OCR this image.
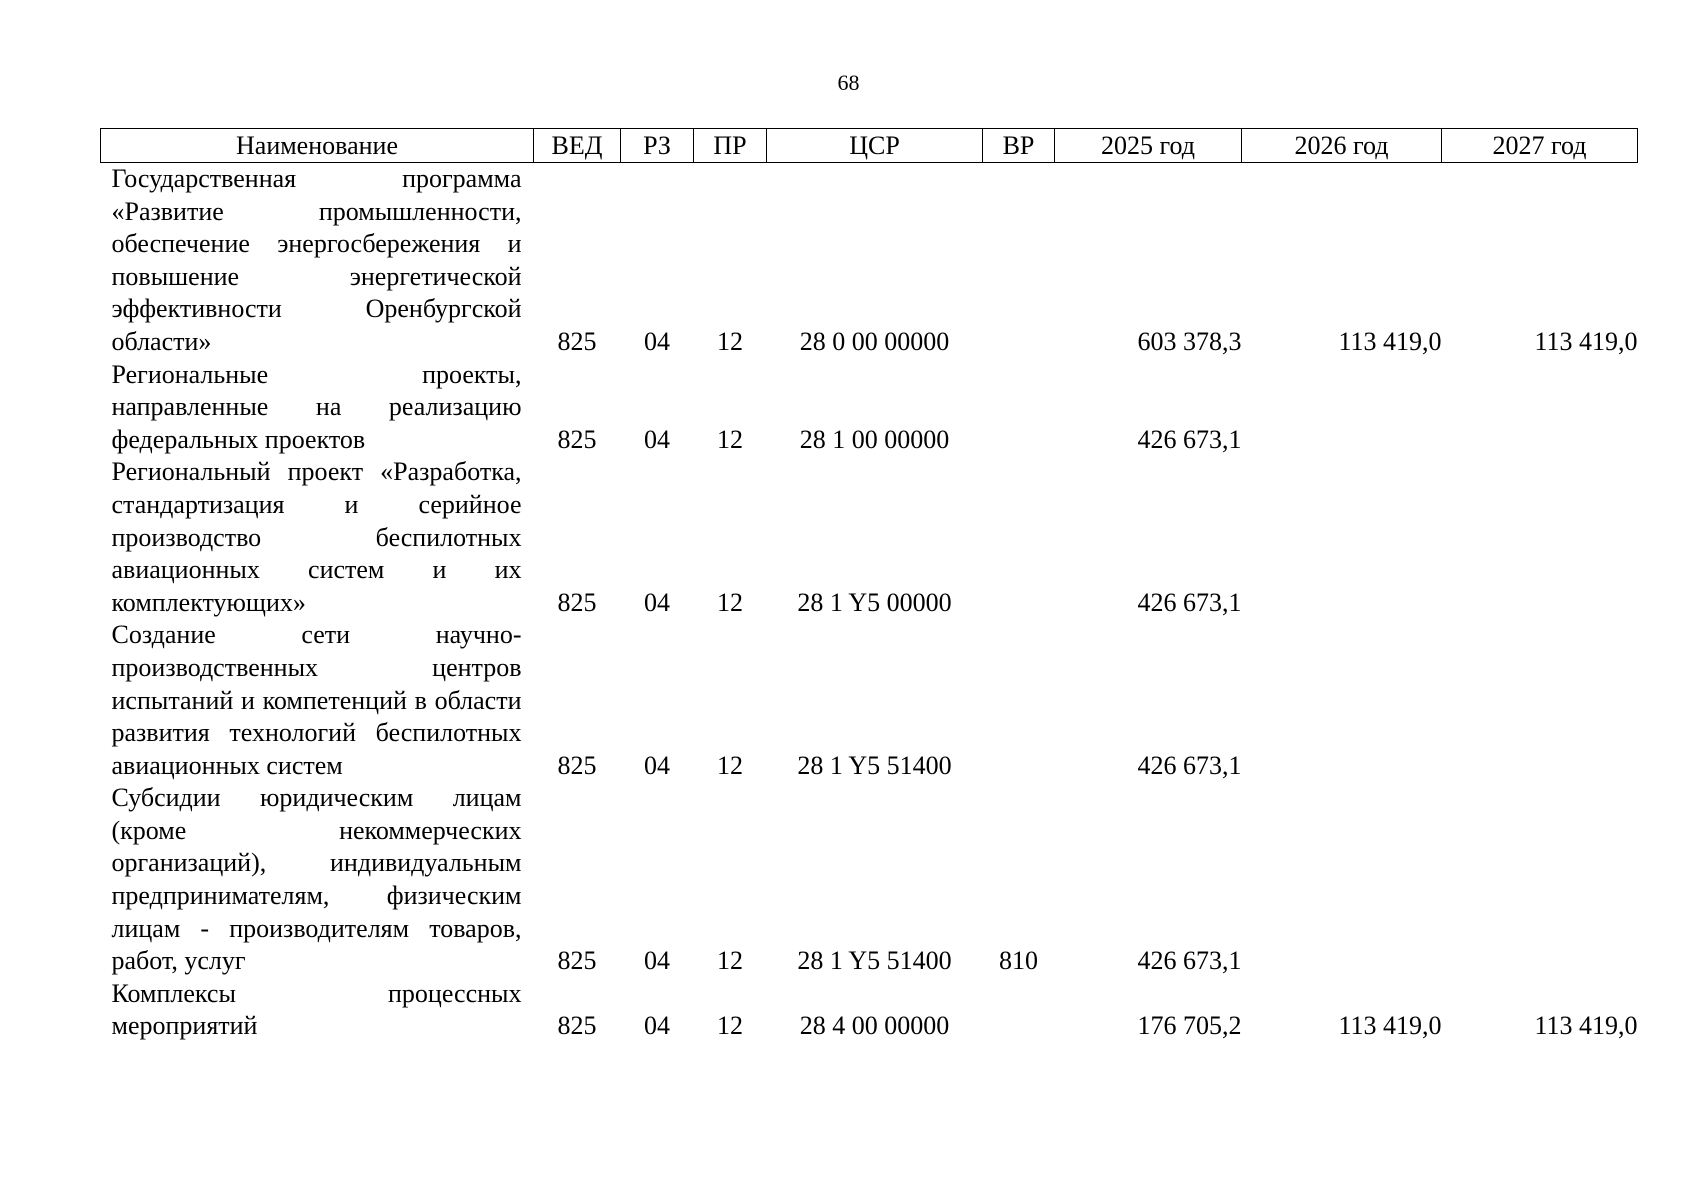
68
Наименование	ВЕД	РЗ	ПР	ЦСР	ВР	2025 год	2026 год	2027 год
Государственная программа «Развитие промышленности, обеспечение энергосбережения и повышение энергетической эффективности Оренбургской области»	825	04	12	28 0 00 00000		603 378,3	113 419,0	113 419,0
Региональные проекты, направленные на реализацию федеральных проектов	825	04	12	28 1 00 00000		426 673,1		
Региональный проект «Разработка, стандартизация и серийное производство беспилотных авиационных систем и их комплектующих»	825	04	12	28 1 Y5 00000		426 673,1		
Создание сети научно-производственных центров испытаний и компетенций в области развития технологий беспилотных авиационных систем	825	04	12	28 1 Y5 51400		426 673,1		
Субсидии юридическим лицам (кроме некоммерческих организаций), индивидуальным предпринимателям, физическим лицам - производителям товаров, работ, услуг	825	04	12	28 1 Y5 51400	810	426 673,1		
Комплексы процессных мероприятий	825	04	12	28 4 00 00000		176 705,2	113 419,0	113 419,0
